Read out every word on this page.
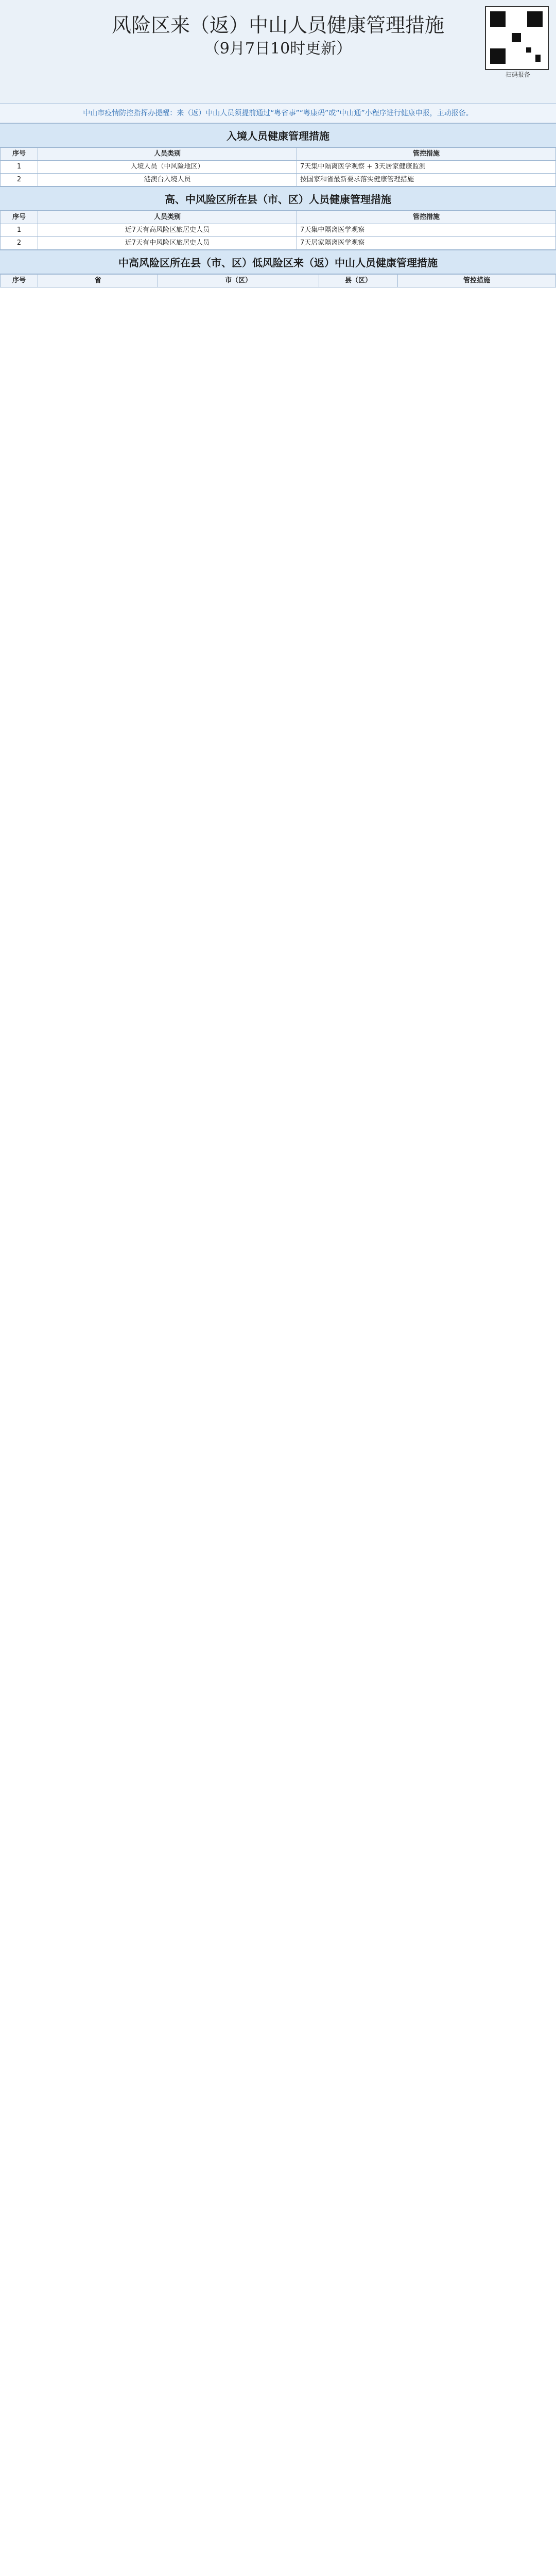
风险区来（返）中山人员健康管理措施
（9月7日10时更新）
扫码报备

中山市疫情防控指挥办提醒：来（返）中山人员须提前通过“粤省事”“粤康码”或“中山通”小程序进行健康申报，主动报备。

入境人员健康管理措施
序号	人员类别	管控措施
1	入境人员（中风险地区）	7天集中隔离医学观察 + 3天居家健康监测
2	港澳台入境人员	按国家和省最新要求落实健康管理措施
高、中风险区所在县（市、区）人员健康管理措施
序号	人员类别	管控措施
1	近7天有高风险区旅居史人员	7天集中隔离医学观察
2	近7天有中风险区旅居史人员	7天居家隔离医学观察
中高风险区所在县（市、区）低风险区来（返）中山人员健康管理措施
序号	省	市（区）	县（区）	管控措施
